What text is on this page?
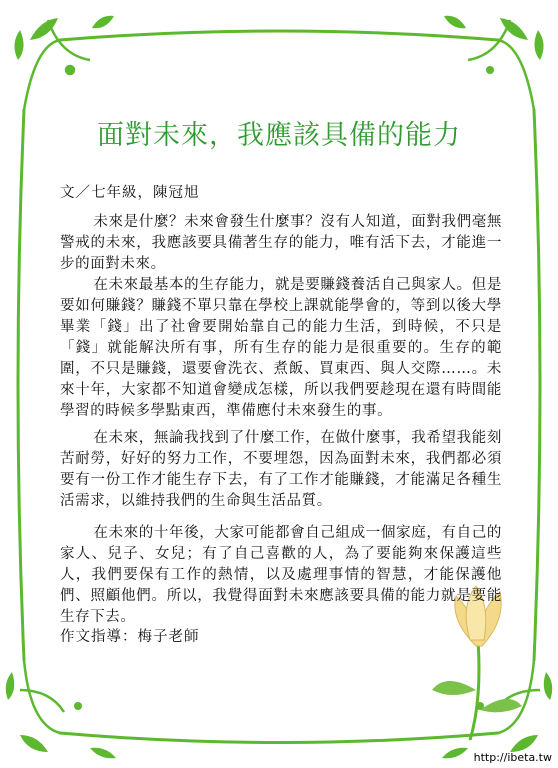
面對未來，我應該具備的能力
文／七年級，陳冠旭

未來是什麼？未來會發生什麼事？沒有人知道，面對我們毫無警戒的未來，我應該要具備著生存的能力，唯有活下去，才能進一步的面對未來。

在未來最基本的生存能力，就是要賺錢養活自己與家人。但是要如何賺錢？賺錢不單只靠在學校上課就能學會的，等到以後大學畢業「錢」出了社會要開始靠自己的能力生活，到時候，不只是「錢」就能解決所有事，所有生存的能力是很重要的。生存的範圍，不只是賺錢，還要會洗衣、煮飯、買東西、與人交際……。未來十年，大家都不知道會變成怎樣，所以我們要趁現在還有時間能學習的時候多學點東西，準備應付未來發生的事。

在未來，無論我找到了什麼工作，在做什麼事，我希望我能刻苦耐勞，好好的努力工作，不要埋怨，因為面對未來，我們都必須要有一份工作才能生存下去，有了工作才能賺錢，才能滿足各種生活需求，以維持我們的生命與生活品質。

在未來的十年後，大家可能都會自己組成一個家庭，有自己的家人、兒子、女兒；有了自己喜歡的人，為了要能夠來保護這些人，我們要保有工作的熱情，以及處理事情的智慧，才能保護他們、照顧他們。所以，我覺得面對未來應該要具備的能力就是要能生存下去。

作文指導：梅子老師
http://ibeta.tw
